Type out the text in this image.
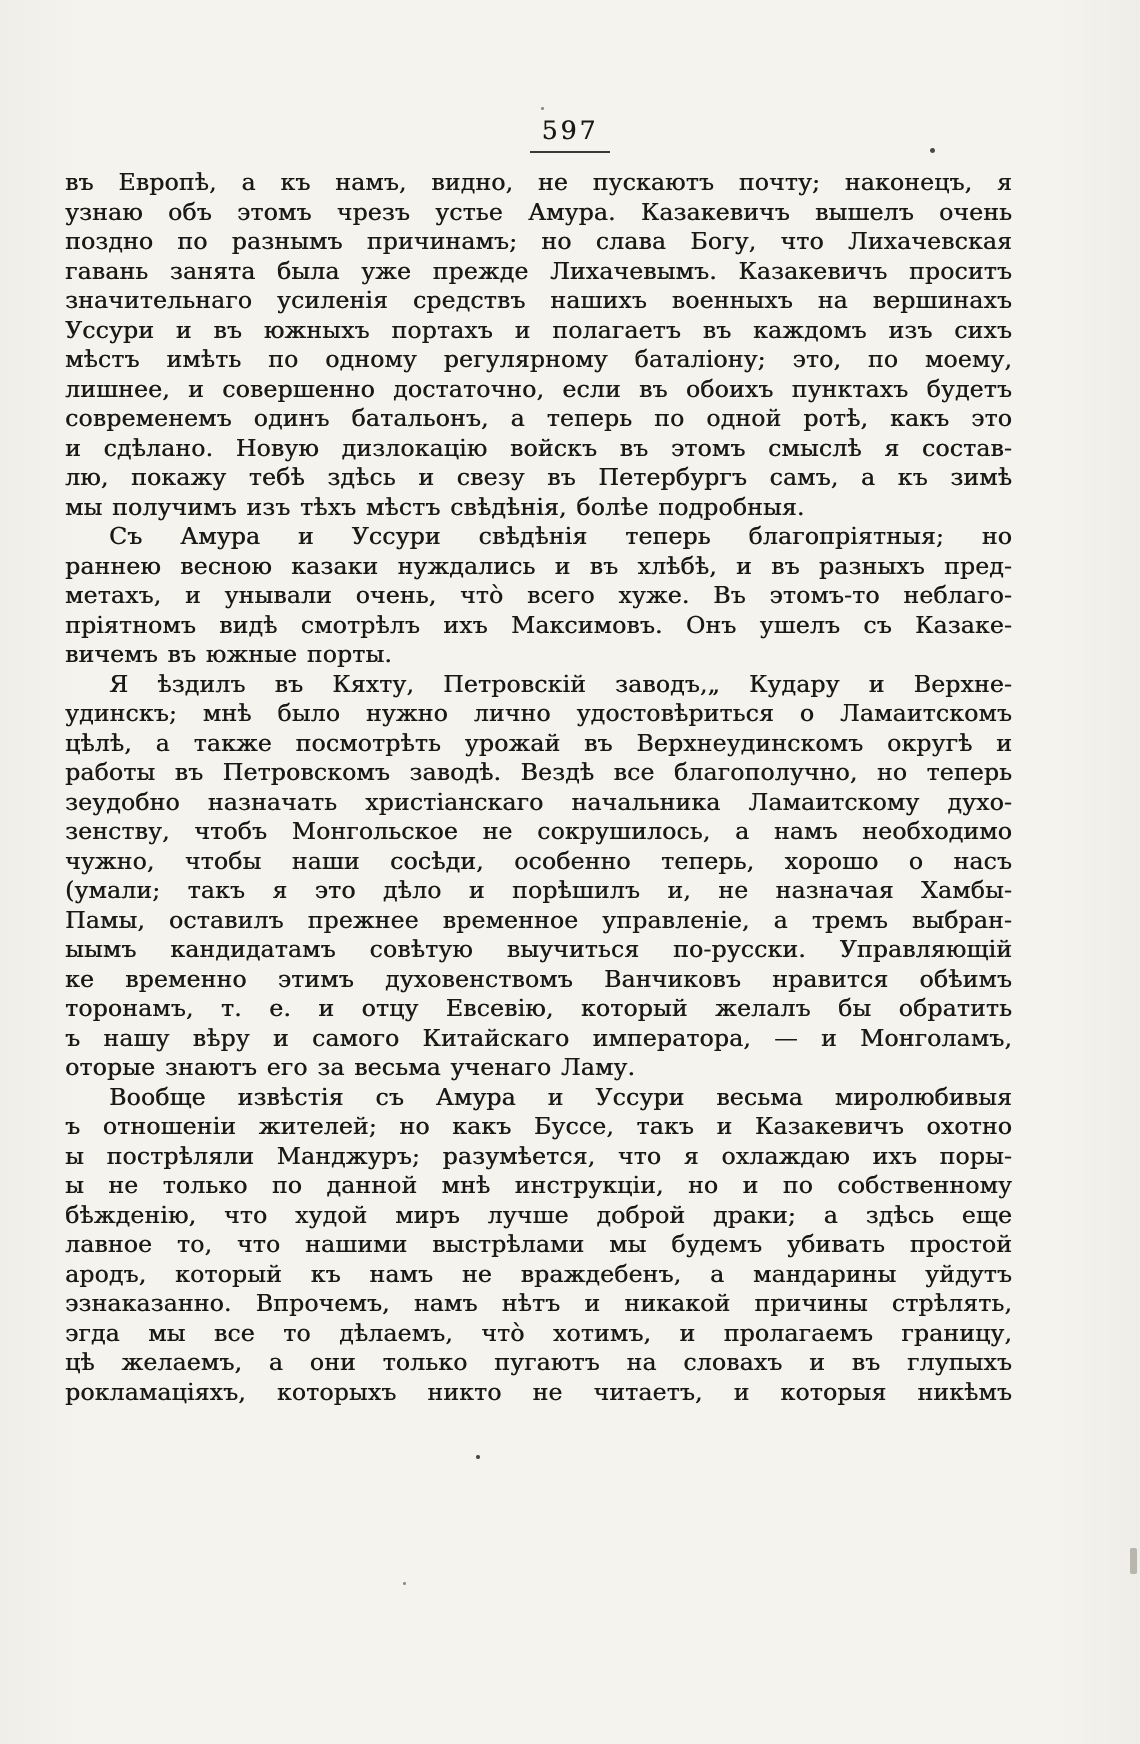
597
въ Европѣ, а къ намъ, видно, не пускаютъ почту; наконецъ, я
узнаю объ этомъ чрезъ устье Амура. Казакевичъ вышелъ очень
поздно по разнымъ причинамъ; но слава Богу, что Лихачевская
гавань занята была уже прежде Лихачевымъ. Казакевичъ проситъ
значительнаго усиленія средствъ нашихъ военныхъ на вершинахъ
Уссури и въ южныхъ портахъ и полагаетъ въ каждомъ изъ сихъ
мѣстъ имѣть по одному регулярному баталіону; это, по моему,
лишнее, и совершенно достаточно, если въ обоихъ пунктахъ будетъ
современемъ одинъ батальонъ, а теперь по одной ротѣ, какъ это
и сдѣлано. Новую дизлокацію войскъ въ этомъ смыслѣ я состав-
лю, покажу тебѣ здѣсь и свезу въ Петербургъ самъ, а къ зимѣ
мы получимъ изъ тѣхъ мѣстъ свѣдѣнія, болѣе подробныя.
Съ Амура и Уссури свѣдѣнія теперь благопріятныя; но
раннею весною казаки нуждались и въ хлѣбѣ, и въ разныхъ пред-
метахъ, и унывали очень, что̀ всего хуже. Въ этомъ-то неблаго-
пріятномъ видѣ смотрѣлъ ихъ Максимовъ. Онъ ушелъ съ Казаке-
вичемъ въ южные порты.
Я ѣздилъ въ Кяхту, Петровскій заводъ,„ Кудару и Верхне-
удинскъ; мнѣ было нужно лично удостовѣриться о Ламаитскомъ
цѣлѣ, а также посмотрѣть урожай въ Верхнеудинскомъ округѣ и
работы въ Петровскомъ заводѣ. Вездѣ все благополучно, но теперь
зеудобно назначать христіанскаго начальника Ламаитскому духо-
зенству, чтобъ Монгольское не сокрушилось, а намъ необходимо
чужно, чтобы наши сосѣди, особенно теперь, хорошо о насъ
(умали; такъ я это дѣло и порѣшилъ и, не назначая Хамбы-
Памы, оставилъ прежнее временное управленіе, а тремъ выбран-
ыымъ кандидатамъ совѣтую выучиться по-русски. Управляющій
ке временно этимъ духовенствомъ Ванчиковъ нравится обѣимъ
торонамъ, т. е. и отцу Евсевію, который желалъ бы обратить
ъ нашу вѣру и самого Китайскаго императора, — и Монголамъ,
оторые знаютъ его за весьма ученаго Ламу.
Вообще извѣстія съ Амура и Уссури весьма миролюбивыя
ъ отношеніи жителей; но какъ Буссе, такъ и Казакевичъ охотно
ы пострѣляли Манджуръ; разумѣется, что я охлаждаю ихъ поры-
ы не только по данной мнѣ инструкціи, но и по собственному
бѣжденію, что худой миръ лучше доброй драки; а здѣсь еще
лавное то, что нашими выстрѣлами мы будемъ убивать простой
ародъ, который къ намъ не враждебенъ, а мандарины уйдутъ
эзнаказанно. Впрочемъ, намъ нѣтъ и никакой причины стрѣлять,
эгда мы все то дѣлаемъ, что̀ хотимъ, и пролагаемъ границу,
цѣ желаемъ, а они только пугаютъ на словахъ и въ глупыхъ
рокламаціяхъ, которыхъ никто не читаетъ, и которыя никѣмъ
